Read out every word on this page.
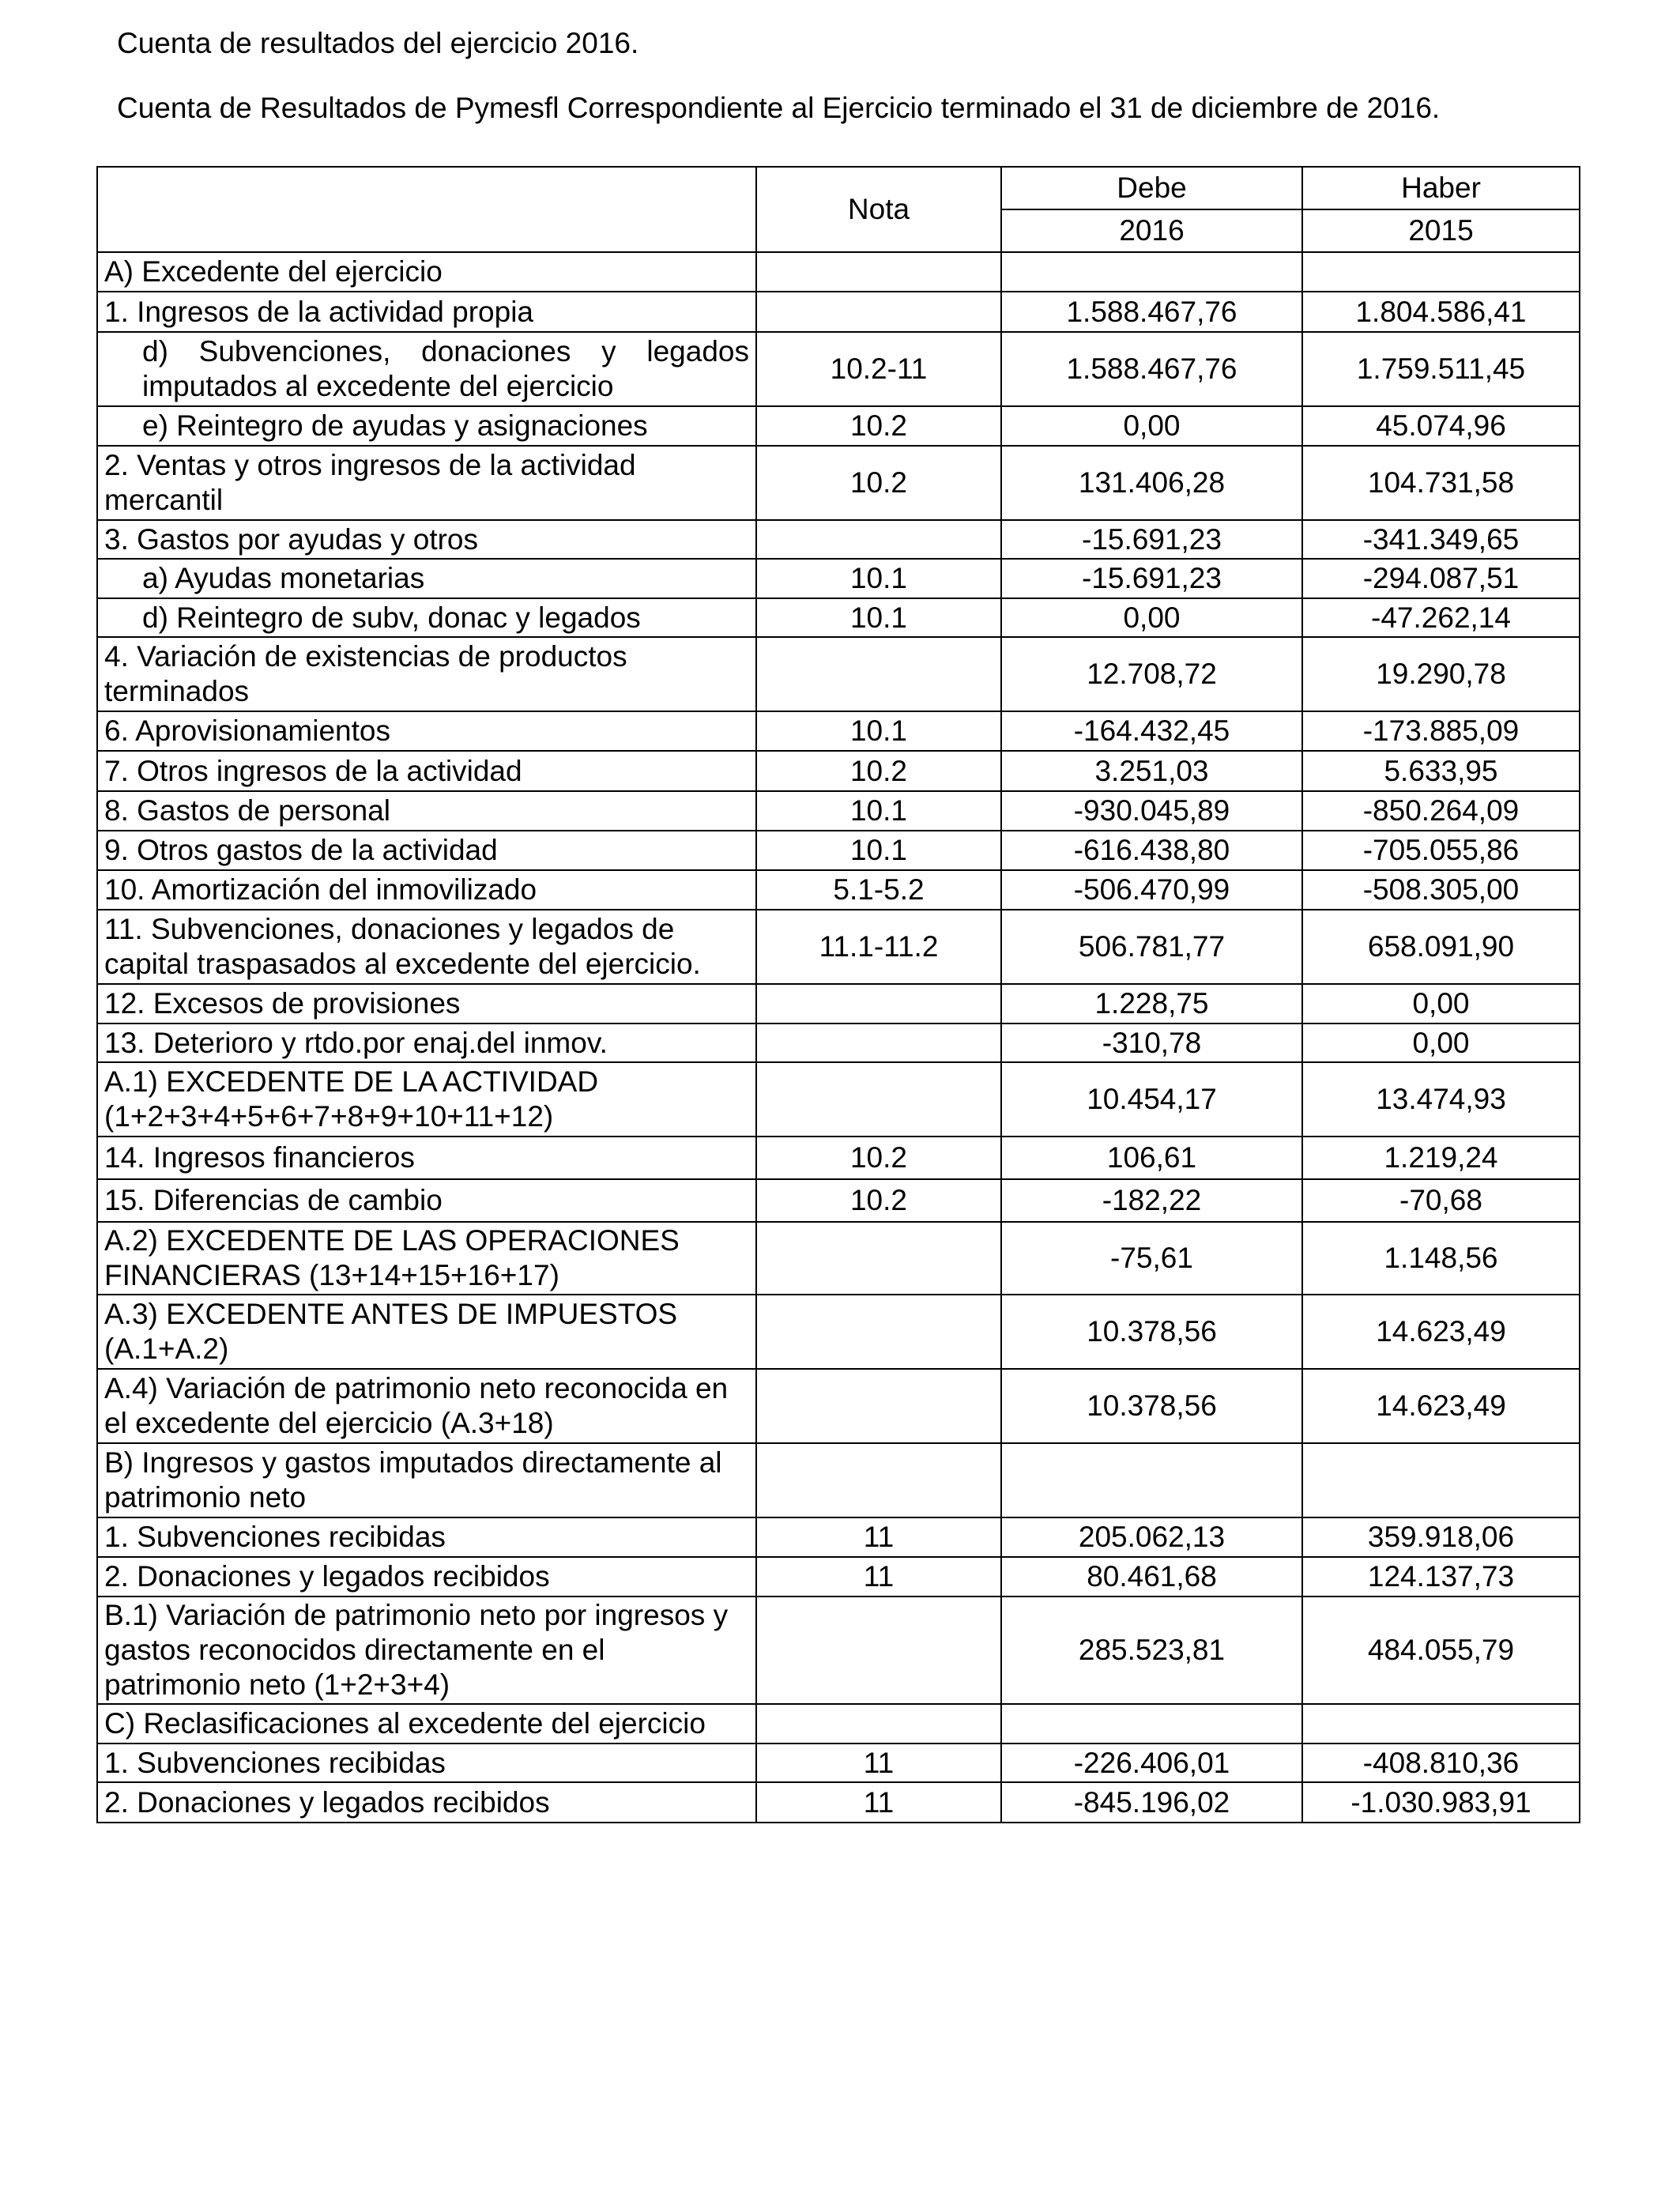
Cuenta de resultados del ejercicio 2016.
Cuenta de Resultados de Pymesfl Correspondiente al Ejercicio terminado el 31 de diciembre de 2016.
	Nota	Debe	Haber
		2016	2015
A) Excedente del ejercicio			
1. Ingresos de la actividad propia		1.588.467,76	1.804.586,41
d) Subvenciones, donaciones y legados imputados al excedente del ejercicio	10.2-11	1.588.467,76	1.759.511,45
e) Reintegro de ayudas y asignaciones	10.2	0,00	45.074,96
2. Ventas y otros ingresos de la actividad mercantil	10.2	131.406,28	104.731,58
3. Gastos por ayudas y otros		-15.691,23	-341.349,65
a) Ayudas monetarias	10.1	-15.691,23	-294.087,51
d) Reintegro de subv, donac y legados	10.1	0,00	-47.262,14
4. Variación de existencias de productos terminados		12.708,72	19.290,78
6. Aprovisionamientos	10.1	-164.432,45	-173.885,09
7. Otros ingresos de la actividad	10.2	3.251,03	5.633,95
8. Gastos de personal	10.1	-930.045,89	-850.264,09
9. Otros gastos de la actividad	10.1	-616.438,80	-705.055,86
10. Amortización del inmovilizado	5.1-5.2	-506.470,99	-508.305,00
11. Subvenciones, donaciones y legados de capital traspasados al excedente del ejercicio.	11.1-11.2	506.781,77	658.091,90
12. Excesos de provisiones		1.228,75	0,00
13. Deterioro y rtdo.por enaj.del inmov.		-310,78	0,00
A.1) EXCEDENTE DE LA ACTIVIDAD (1+2+3+4+5+6+7+8+9+10+11+12)		10.454,17	13.474,93
14. Ingresos financieros	10.2	106,61	1.219,24
15. Diferencias de cambio	10.2	-182,22	-70,68
A.2) EXCEDENTE DE LAS OPERACIONES FINANCIERAS (13+14+15+16+17)		-75,61	1.148,56
A.3) EXCEDENTE ANTES DE IMPUESTOS (A.1+A.2)		10.378,56	14.623,49
A.4) Variación de patrimonio neto reconocida en el excedente del ejercicio (A.3+18)		10.378,56	14.623,49
B) Ingresos y gastos imputados directamente al patrimonio neto			
1. Subvenciones recibidas	11	205.062,13	359.918,06
2. Donaciones y legados recibidos	11	80.461,68	124.137,73
B.1) Variación de patrimonio neto por ingresos y gastos reconocidos directamente en el patrimonio neto (1+2+3+4)		285.523,81	484.055,79
C) Reclasificaciones al excedente del ejercicio			
1. Subvenciones recibidas	11	-226.406,01	-408.810,36
2. Donaciones y legados recibidos	11	-845.196,02	-1.030.983,91
